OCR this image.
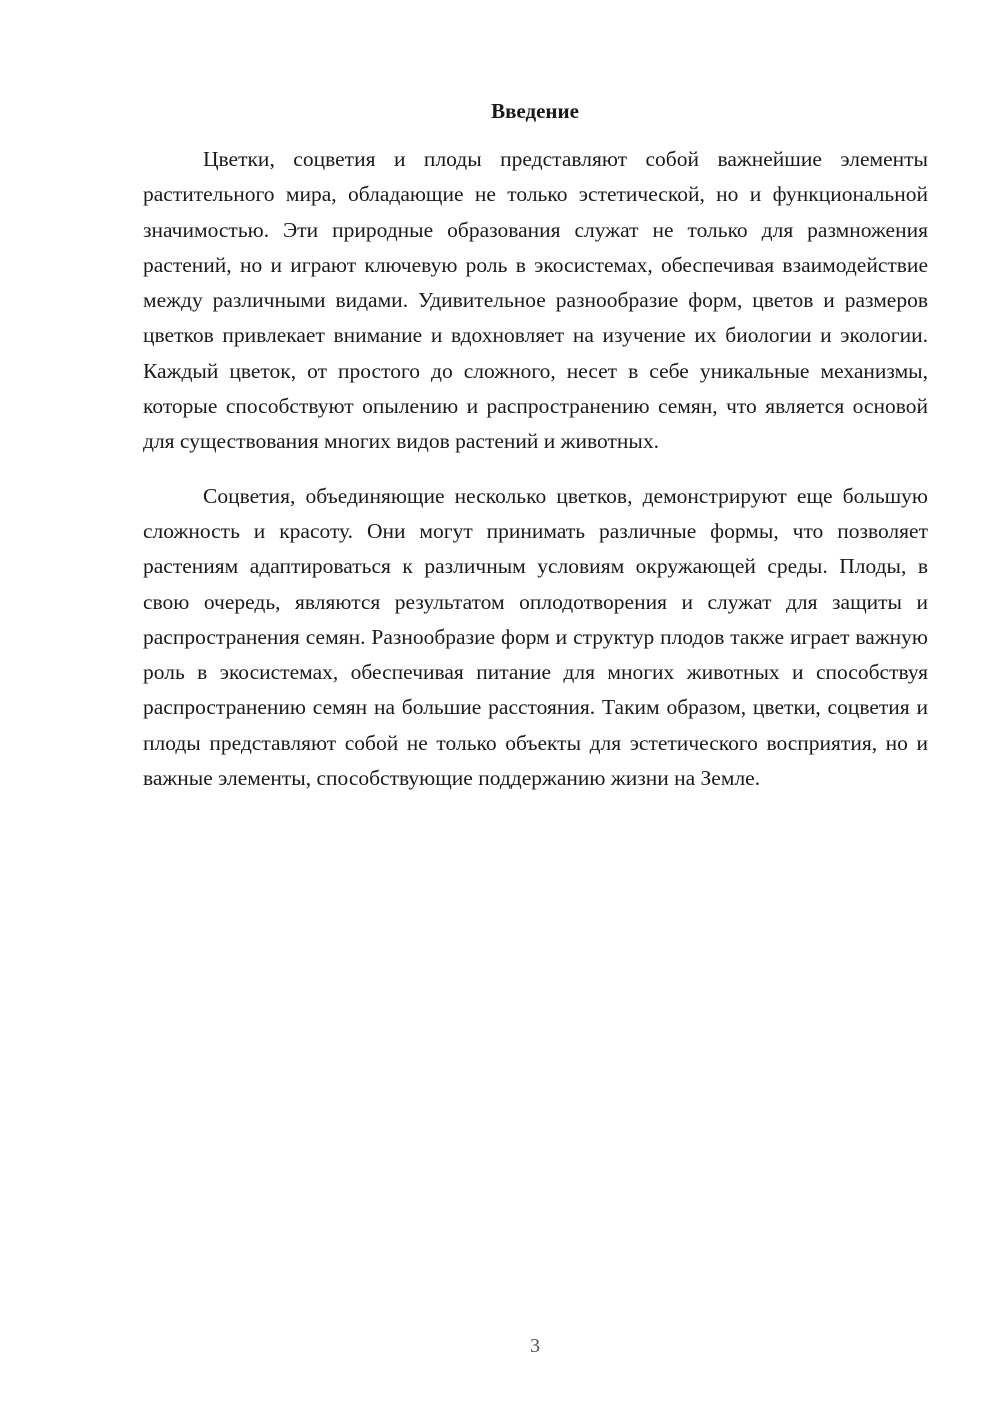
Введение

Цветки, соцветия и плоды представляют собой важнейшие элементы растительного мира, обладающие не только эстетической, но и функциональной значимостью. Эти природные образования служат не только для размножения растений, но и играют ключевую роль в экосистемах, обеспечивая взаимодействие между различными видами. Удивительное разнообразие форм, цветов и размеров цветков привлекает внимание и вдохновляет на изучение их биологии и экологии. Каждый цветок, от простого до сложного, несет в себе уникальные механизмы, которые способствуют опылению и распространению семян, что является основой для существования многих видов растений и животных.

Соцветия, объединяющие несколько цветков, демонстрируют еще большую сложность и красоту. Они могут принимать различные формы, что позволяет растениям адаптироваться к различным условиям окружающей среды. Плоды, в свою очередь, являются результатом оплодотворения и служат для защиты и распространения семян. Разнообразие форм и структур плодов также играет важную роль в экосистемах, обеспечивая питание для многих животных и способствуя распространению семян на большие расстояния. Таким образом, цветки, соцветия и плоды представляют собой не только объекты для эстетического восприятия, но и важные элементы, способствующие поддержанию жизни на Земле.

3
